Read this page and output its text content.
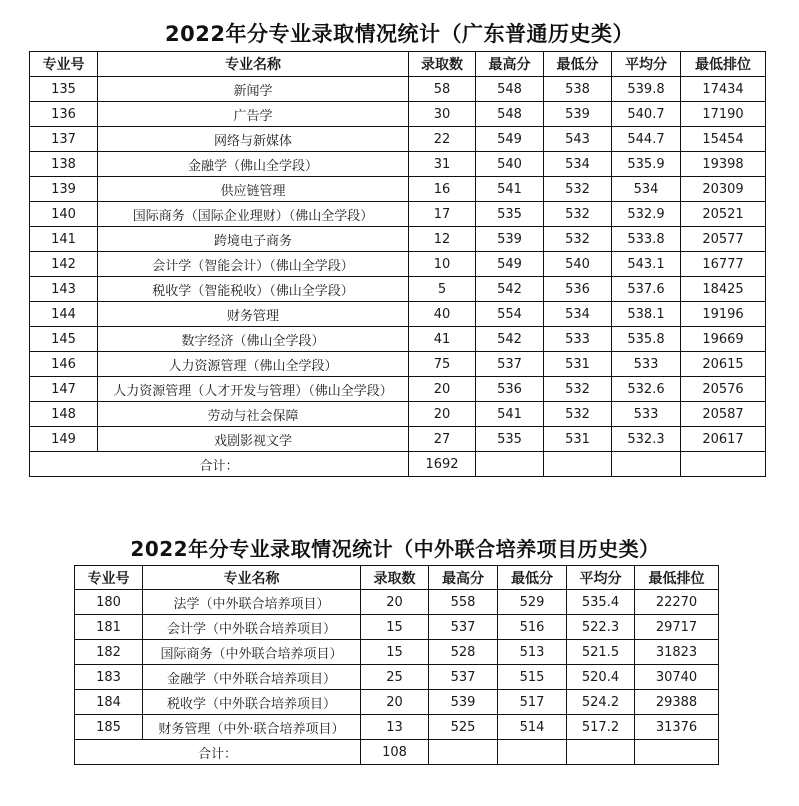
2022年分专业录取情况统计（广东普通历史类）
专业号	专业名称	录取数	最高分	最低分	平均分	最低排位
135	新闻学	58	548	538	539.8	17434
136	广告学	30	548	539	540.7	17190
137	网络与新媒体	22	549	543	544.7	15454
138	金融学（佛山全学段）	31	540	534	535.9	19398
139	供应链管理	16	541	532	534	20309
140	国际商务（国际企业理财）（佛山全学段）	17	535	532	532.9	20521
141	跨境电子商务	12	539	532	533.8	20577
142	会计学（智能会计）（佛山全学段）	10	549	540	543.1	16777
143	税收学（智能税收）（佛山全学段）	5	542	536	537.6	18425
144	财务管理	40	554	534	538.1	19196
145	数字经济（佛山全学段）	41	542	533	535.8	19669
146	人力资源管理（佛山全学段）	75	537	531	533	20615
147	人力资源管理（人才开发与管理）（佛山全学段）	20	536	532	532.6	20576
148	劳动与社会保障	20	541	532	533	20587
149	戏剧影视文学	27	535	531	532.3	20617
合计：		1692				
2022年分专业录取情况统计（中外联合培养项目历史类）
专业号	专业名称	录取数	最高分	最低分	平均分	最低排位
180	法学（中外联合培养项目）	20	558	529	535.4	22270
181	会计学（中外联合培养项目）	15	537	516	522.3	29717
182	国际商务（中外联合培养项目）	15	528	513	521.5	31823
183	金融学（中外联合培养项目）	25	537	515	520.4	30740
184	税收学（中外联合培养项目）	20	539	517	524.2	29388
185	财务管理（中外·联合培养项目）	13	525	514	517.2	31376
合计：		108				
